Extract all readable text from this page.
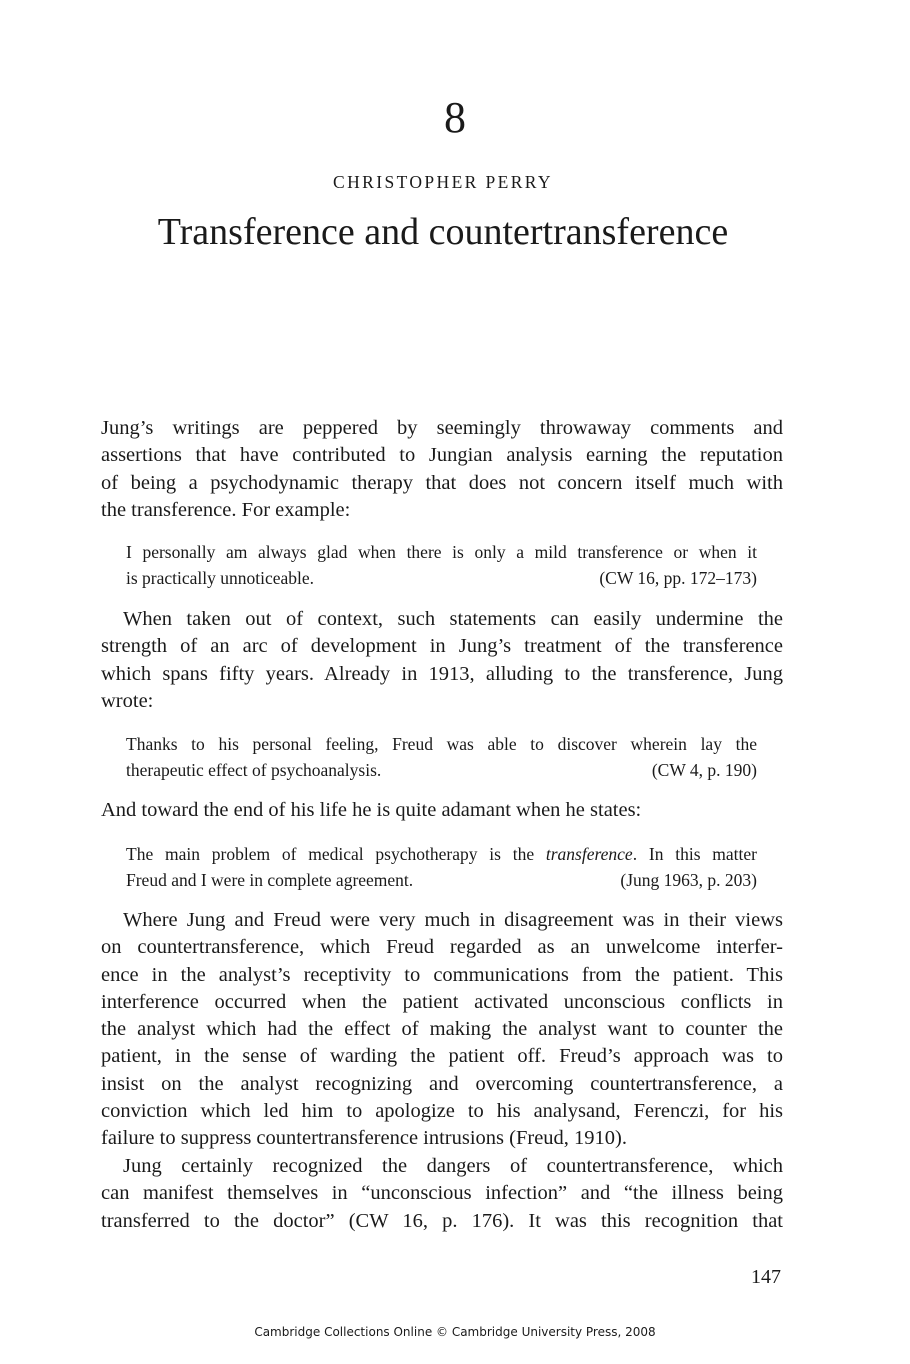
8
CHRISTOPHER PERRY
Transference and countertransference
Jung’s writings are peppered by seemingly throwaway comments and
assertions that have contributed to Jungian analysis earning the reputation
of being a psychodynamic therapy that does not concern itself much with
the transference. For example:
I personally am always glad when there is only a mild transference or when it
is practically unnoticeable.	(CW 16, pp. 172–173)
When taken out of context, such statements can easily undermine the
strength of an arc of development in Jung’s treatment of the transference
which spans fifty years. Already in 1913, alluding to the transference, Jung
wrote:
Thanks to his personal feeling, Freud was able to discover wherein lay the
therapeutic effect of psychoanalysis.	(CW 4, p. 190)
And toward the end of his life he is quite adamant when he states:
The main problem of medical psychotherapy is the transference. In this matter
Freud and I were in complete agreement.	(Jung 1963, p. 203)
Where Jung and Freud were very much in disagreement was in their views
on countertransference, which Freud regarded as an unwelcome interfer-
ence in the analyst’s receptivity to communications from the patient. This
interference occurred when the patient activated unconscious conflicts in
the analyst which had the effect of making the analyst want to counter the
patient, in the sense of warding the patient off. Freud’s approach was to
insist on the analyst recognizing and overcoming countertransference, a
conviction which led him to apologize to his analysand, Ferenczi, for his
failure to suppress countertransference intrusions (Freud, 1910).
Jung certainly recognized the dangers of countertransference, which
can manifest themselves in “unconscious infection” and “the illness being
transferred to the doctor” (CW 16, p. 176). It was this recognition that
147
Cambridge Collections Online © Cambridge University Press, 2008
